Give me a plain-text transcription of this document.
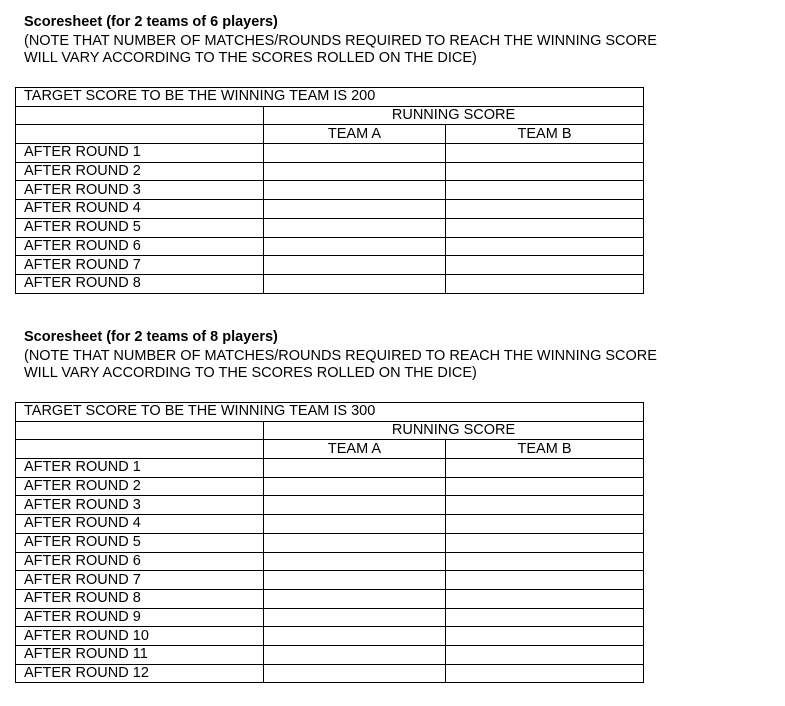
Scoresheet (for 2 teams of 6 players)
(NOTE THAT NUMBER OF MATCHES/ROUNDS REQUIRED TO REACH THE WINNING SCORE
WILL VARY ACCORDING TO THE SCORES ROLLED ON THE DICE)
TARGET SCORE TO BE THE WINNING TEAM IS 200		
	RUNNING SCORE	
	TEAM A	TEAM B
AFTER ROUND 1		
AFTER ROUND 2		
AFTER ROUND 3		
AFTER ROUND 4		
AFTER ROUND 5		
AFTER ROUND 6		
AFTER ROUND 7		
AFTER ROUND 8		
Scoresheet (for 2 teams of 8 players)
(NOTE THAT NUMBER OF MATCHES/ROUNDS REQUIRED TO REACH THE WINNING SCORE
WILL VARY ACCORDING TO THE SCORES ROLLED ON THE DICE)
TARGET SCORE TO BE THE WINNING TEAM IS 300		
	RUNNING SCORE	
	TEAM A	TEAM B
AFTER ROUND 1		
AFTER ROUND 2		
AFTER ROUND 3		
AFTER ROUND 4		
AFTER ROUND 5		
AFTER ROUND 6		
AFTER ROUND 7		
AFTER ROUND 8		
AFTER ROUND 9		
AFTER ROUND 10		
AFTER ROUND 11		
AFTER ROUND 12		
